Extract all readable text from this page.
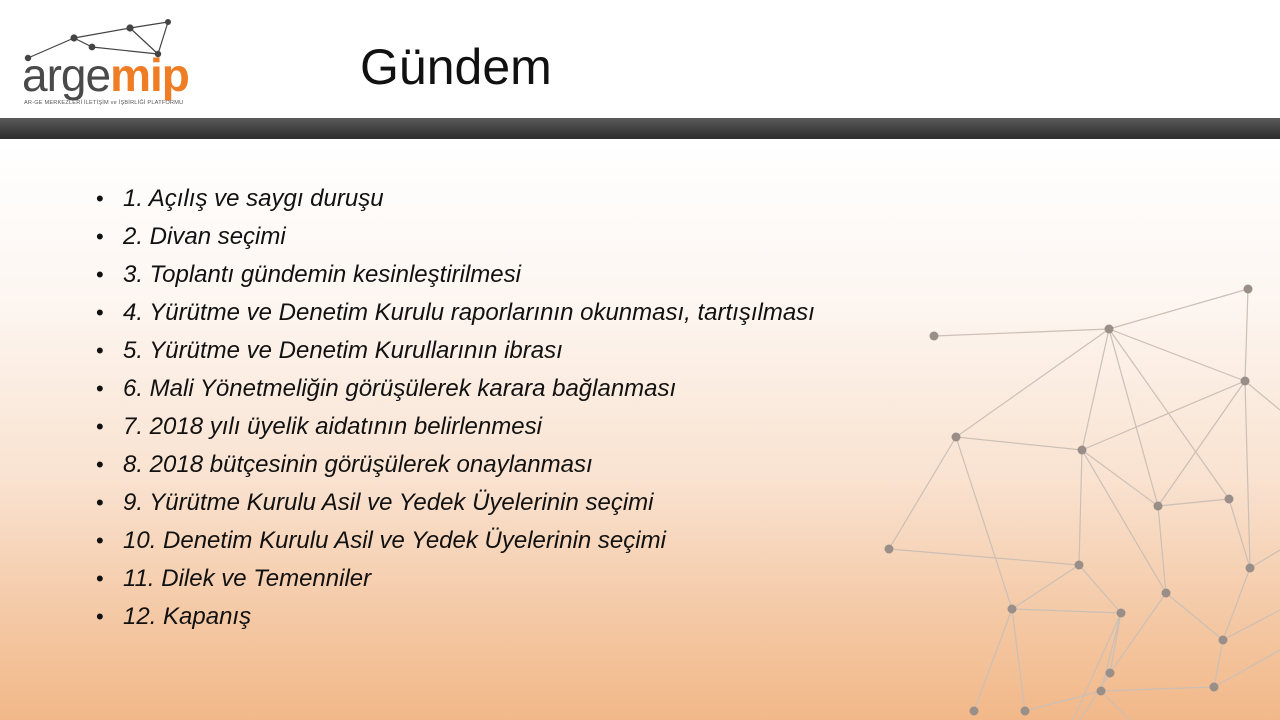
argemip
AR-GE MERKEZLERİ İLETİŞİM ve İŞBİRLİĞİ PLATFORMU
Gündem
• 1. Açılış ve saygı duruşu
• 2. Divan seçimi
• 3. Toplantı gündemin kesinleştirilmesi
• 4. Yürütme ve Denetim Kurulu raporlarının okunması, tartışılması
• 5. Yürütme ve Denetim Kurullarının ibrası
• 6. Mali Yönetmeliğin görüşülerek karara bağlanması
• 7. 2018 yılı üyelik aidatının belirlenmesi
• 8. 2018 bütçesinin görüşülerek onaylanması
• 9. Yürütme Kurulu Asil ve Yedek Üyelerinin seçimi
• 10. Denetim Kurulu Asil ve Yedek Üyelerinin seçimi
• 11. Dilek ve Temenniler
• 12. Kapanış
